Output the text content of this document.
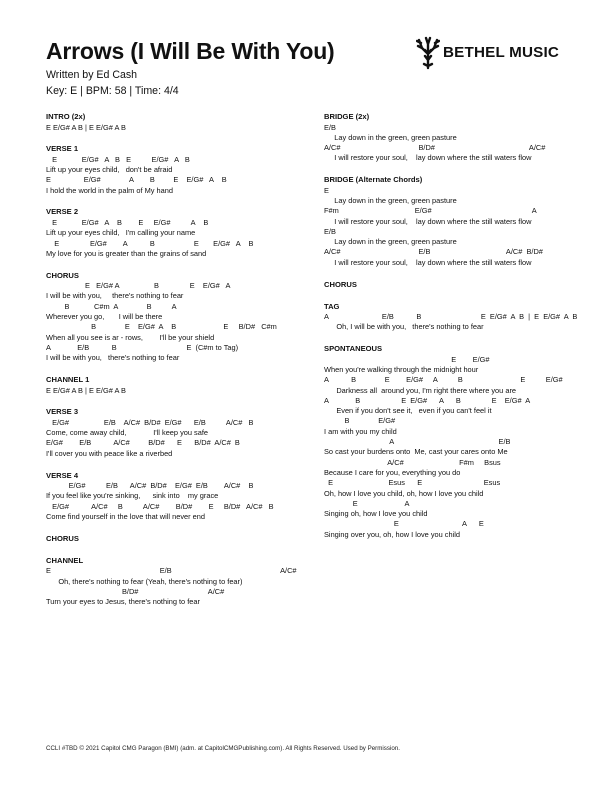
Arrows (I Will Be With You)
Written by Ed Cash
Key: E | BPM: 58 | Time: 4/4
BETHEL MUSIC
INTRO (2x)
E E/G# A B | E E/G# A B
VERSE 1
E            E/G#   A   B   E          E/G#   A   B
Lift up your eyes child,   don't be afraid
E                E/G#              A        B         E    E/G#   A    B
I hold the world in the palm of My hand
VERSE 2
E            E/G#   A    B        E     E/G#          A    B
Lift up your eyes child,   I'm calling your name
E               E/G#        A           B                   E       E/G#   A    B
My love for you is greater than the grains of sand
CHORUS
E   E/G# A                 B               E    E/G#   A
I will be with you,     there's nothing to fear
B            C#m  A              B          A
Wherever you go,       I will be there
B              E    E/G#  A    B                       E     B/D#   C#m
When all you see is ar - rows,        I'll be your shield
A             E/B           B                                  E  (C#m to Tag)
I will be with you,   there's nothing to fear
CHANNEL 1
E E/G# A B | E E/G# A B
VERSE 3
E/G#                 E/B    A/C#  B/D#  E/G#      E/B          A/C#   B
Come, come away child,             I'll keep you safe
E/G#        E/B           A/C#         B/D#      E      B/D#  A/C#  B
I'll cover you with peace like a riverbed
VERSE 4
E/G#          E/B      A/C#  B/D#    E/G#  E/B        A/C#    B
If you feel like you're sinking,      sink into    my grace
E/G#           A/C#     B          A/C#        B/D#        E     B/D#   A/C#   B
Come find yourself in the love that will never end
CHORUS
CHANNEL
E                                                     E/B                                                     A/C#
Oh, there's nothing to fear (Yeah, there's nothing to fear)
B/D#                                  A/C#
Turn your eyes to Jesus, there's nothing to fear
BRIDGE (2x)
E/B
Lay down in the green, green pasture
A/C#                                      B/D#                                              A/C#
I will restore your soul,    lay down where the still waters flow
BRIDGE (Alternate Chords)
E
Lay down in the green, green pasture
F#m                                     E/G#                                                 A
I will restore your soul,    lay down where the still waters flow
E/B
Lay down in the green, green pasture
A/C#                                      E/B                                     A/C#  B/D#
I will restore your soul,    lay down where the still waters flow
CHORUS
TAG
A                          E/B           B                             E  E/G#  A  B  |  E  E/G#  A  B
Oh, I will be with you,   there's nothing to fear
SPONTANEOUS
E        E/G#
When you're walking through the midnight hour
A           B              E        E/G#     A          B                            E          E/G#
Darkness all  around you, I'm right there where you are
A             B                    E  E/G#      A      B               E    E/G#  A
Even if you don't see it,   even if you can't feel it
B              E/G#
I am with you my child
A                                                   E/B
So cast your burdens onto  Me, cast your cares onto Me
A/C#                           F#m     Bsus
Because I care for you, everything you do
E                           Esus      E                              Esus
Oh, how I love you child, oh, how I love you child
E                       A
Singing oh, how I love you child
E                               A      E
Singing over you, oh, how I love you child
CCLI #TBD © 2021 Capitol CMG Paragon (BMI) (adm. at CapitolCMGPublishing.com). All Rights Reserved. Used by Permission.
